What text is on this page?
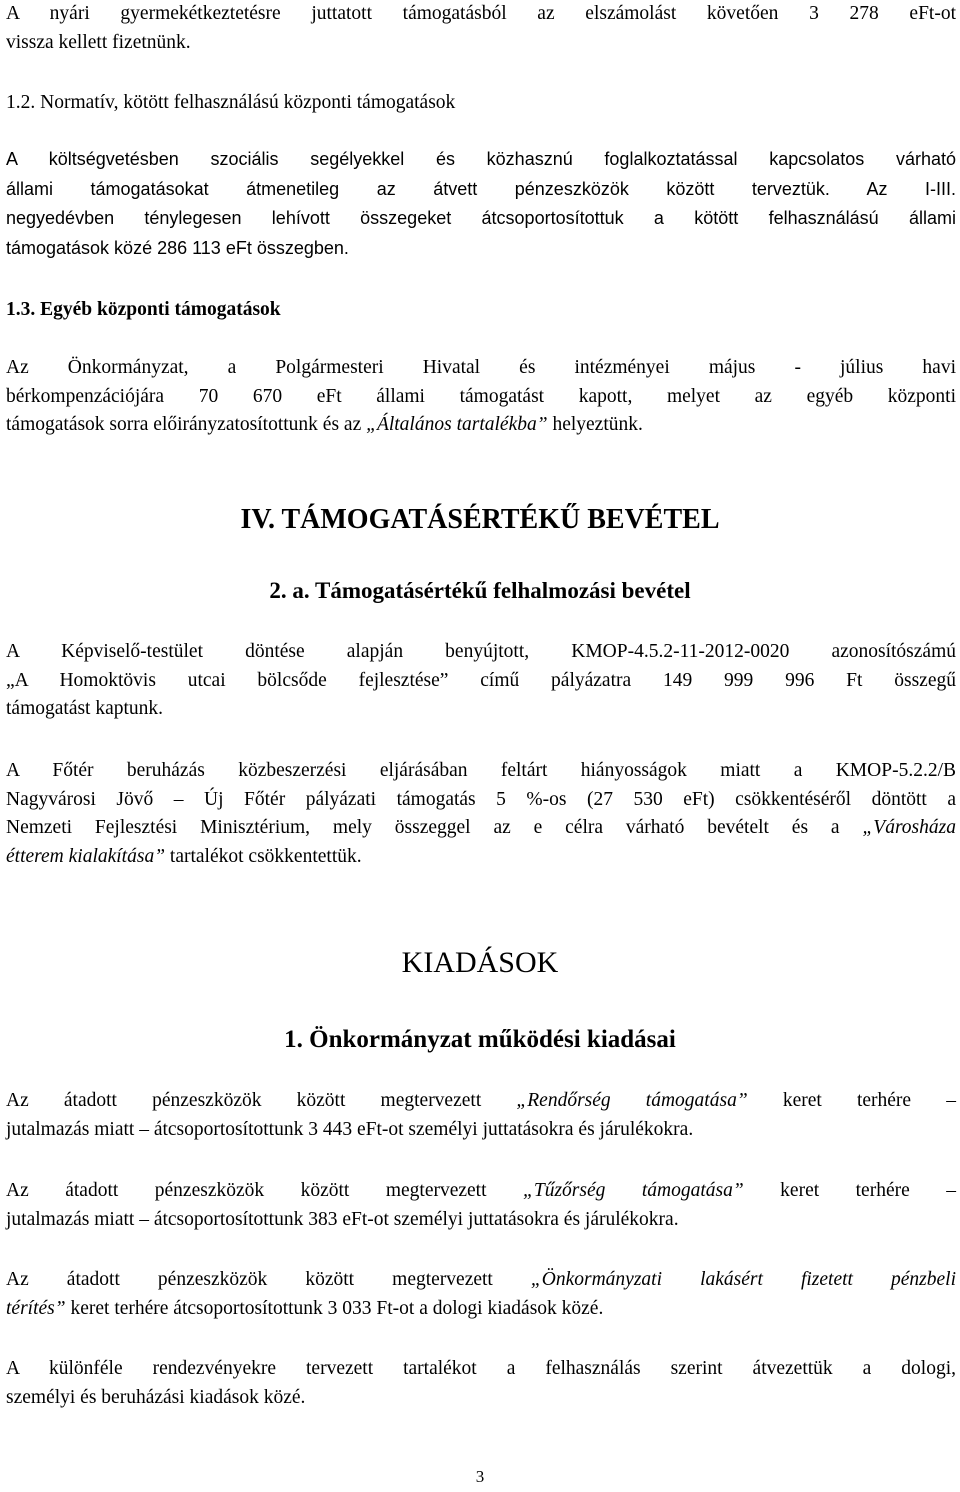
A nyári gyermekétkeztetésre juttatott támogatásból az elszámolást követően 3 278 eFt-ot
vissza kellett fizetnünk.

1.2. Normatív, kötött felhasználású központi támogatások

A költségvetésben szociális segélyekkel és közhasznú foglalkoztatással kapcsolatos várható
állami támogatásokat átmenetileg az átvett pénzeszközök között terveztük. Az I-III.
negyedévben ténylegesen lehívott összegeket átcsoportosítottuk a kötött felhasználású állami
támogatások közé 286 113 eFt összegben.

1.3. Egyéb központi támogatások

Az Önkormányzat, a Polgármesteri Hivatal és intézményei május - július havi
bérkompenzációjára 70 670 eFt állami támogatást kapott, melyet az egyéb központi
támogatások sorra előirányzatosítottunk és az „Általános tartalékba” helyeztünk.

IV. TÁMOGATÁSÉRTÉKŰ BEVÉTEL

2. a. Támogatásértékű felhalmozási bevétel

A Képviselő-testület döntése alapján benyújtott, KMOP-4.5.2-11-2012-0020 azonosítószámú
„A Homoktövis utcai bölcsőde fejlesztése” című pályázatra 149 999 996 Ft összegű
támogatást kaptunk.

A Főtér beruházás közbeszerzési eljárásában feltárt hiányosságok miatt a KMOP-5.2.2/B
Nagyvárosi Jövő – Új Főtér pályázati támogatás 5 %-os (27 530 eFt) csökkentéséről döntött a
Nemzeti Fejlesztési Minisztérium, mely összeggel az e célra várható bevételt és a „Városháza
étterem kialakítása” tartalékot csökkentettük.

KIADÁSOK

1. Önkormányzat működési kiadásai

Az átadott pénzeszközök között megtervezett „Rendőrség támogatása” keret terhére –
jutalmazás miatt – átcsoportosítottunk 3 443 eFt-ot személyi juttatásokra és járulékokra.

Az átadott pénzeszközök között megtervezett „Tűzőrség támogatása” keret terhére –
jutalmazás miatt – átcsoportosítottunk 383 eFt-ot személyi juttatásokra és járulékokra.

Az átadott pénzeszközök között megtervezett „Önkormányzati lakásért fizetett pénzbeli
térítés” keret terhére átcsoportosítottunk 3 033 Ft-ot a dologi kiadások közé.

A különféle rendezvényekre tervezett tartalékot a felhasználás szerint átvezettük a dologi,
személyi és beruházási kiadások közé.

3
